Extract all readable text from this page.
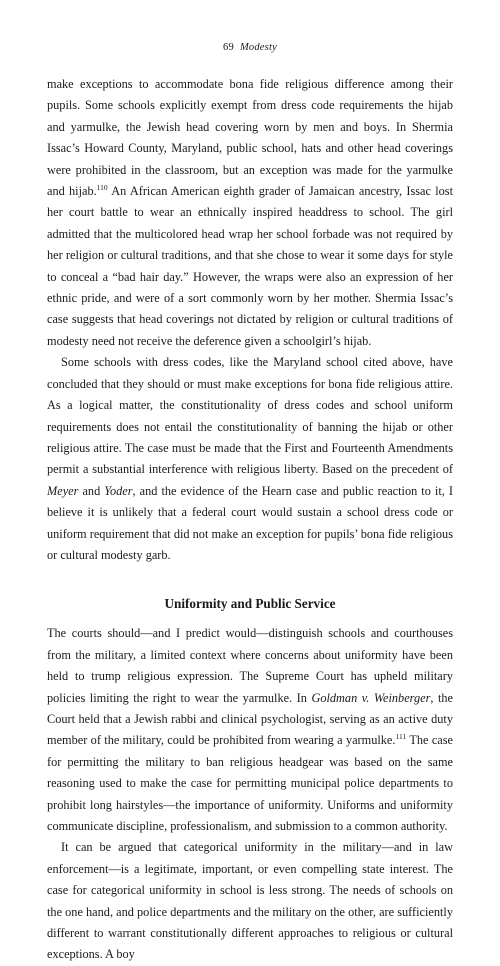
69 Modesty

make exceptions to accommodate bona fide religious difference among their pupils. Some schools explicitly exempt from dress code requirements the hijab and yarmulke, the Jewish head covering worn by men and boys. In Shermia Issac’s Howard County, Maryland, public school, hats and other head coverings were prohibited in the classroom, but an exception was made for the yarmulke and hijab.$^{110}$ An African American eighth grader of Jamaican ancestry, Issac lost her court battle to wear an ethnically inspired headdress to school. The girl admitted that the multicolored head wrap her school forbade was not required by her religion or cultural traditions, and that she chose to wear it some days for style to conceal a “bad hair day.” However, the wraps were also an expression of her ethnic pride, and were of a sort commonly worn by her mother. Shermia Issac’s case suggests that head coverings not dictated by religion or cultural traditions of modesty need not receive the deference given a schoolgirl’s hijab.

Some schools with dress codes, like the Maryland school cited above, have concluded that they should or must make exceptions for bona fide religious attire. As a logical matter, the constitutionality of dress codes and school uniform requirements does not entail the constitutionality of banning the hijab or other religious attire. The case must be made that the First and Fourteenth Amendments permit a substantial interference with religious liberty. Based on the precedent of Meyer and Yoder, and the evidence of the Hearn case and public reaction to it, I believe it is unlikely that a federal court would sustain a school dress code or uniform requirement that did not make an exception for pupils’ bona fide religious or cultural modesty garb.

Uniformity and Public Service

The courts should—and I predict would—distinguish schools and courthouses from the military, a limited context where concerns about uniformity have been held to trump religious expression. The Supreme Court has upheld military policies limiting the right to wear the yarmulke. In Goldman v. Weinberger, the Court held that a Jewish rabbi and clinical psychologist, serving as an active duty member of the military, could be prohibited from wearing a yarmulke.$^{111}$ The case for permitting the military to ban religious headgear was based on the same reasoning used to make the case for permitting municipal police departments to prohibit long hairstyles—the importance of uniformity. Uniforms and uniformity communicate discipline, professionalism, and submission to a common authority.

It can be argued that categorical uniformity in the military—and in law enforcement—is a legitimate, important, or even compelling state interest. The case for categorical uniformity in school is less strong. The needs of schools on the one hand, and police departments and the military on the other, are sufficiently different to warrant constitutionally different approaches to religious or cultural exceptions. A boy
